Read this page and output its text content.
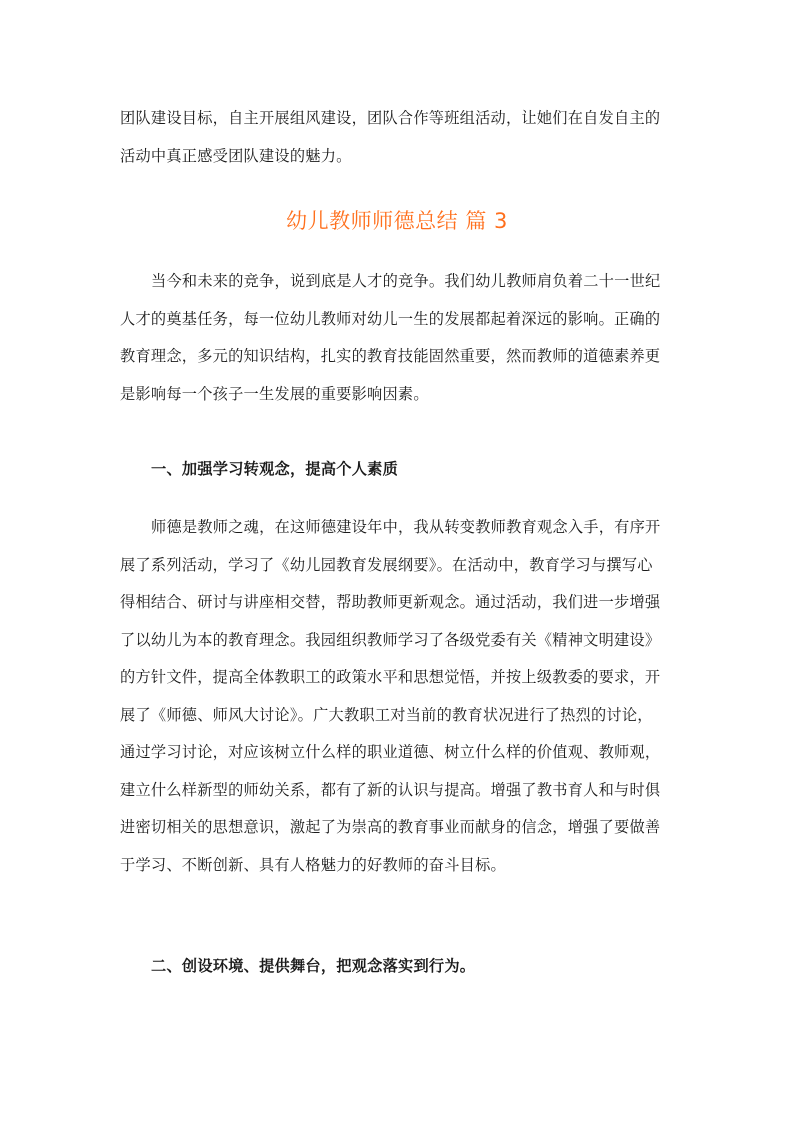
团队建设目标，自主开展组风建设，团队合作等班组活动，让她们在自发自主的
活动中真正感受团队建设的魅力。
幼儿教师师德总结 篇 3
当今和未来的竞争，说到底是人才的竞争。我们幼儿教师肩负着二十一世纪
人才的奠基任务，每一位幼儿教师对幼儿一生的发展都起着深远的影响。正确的
教育理念，多元的知识结构，扎实的教育技能固然重要，然而教师的道德素养更
是影响每一个孩子一生发展的重要影响因素。
一、加强学习转观念，提高个人素质
师德是教师之魂，在这师德建设年中，我从转变教师教育观念入手，有序开
展了系列活动，学习了《幼儿园教育发展纲要》。在活动中，教育学习与撰写心
得相结合、研讨与讲座相交替，帮助教师更新观念。通过活动，我们进一步增强
了以幼儿为本的教育理念。我园组织教师学习了各级党委有关《精神文明建设》
的方针文件，提高全体教职工的政策水平和思想觉悟，并按上级教委的要求，开
展了《师德、师风大讨论》。广大教职工对当前的教育状况进行了热烈的讨论，
通过学习讨论，对应该树立什么样的职业道德、树立什么样的价值观、教师观，
建立什么样新型的师幼关系，都有了新的认识与提高。增强了教书育人和与时俱
进密切相关的思想意识，激起了为崇高的教育事业而献身的信念，增强了要做善
于学习、不断创新、具有人格魅力的好教师的奋斗目标。
二、创设环境、提供舞台，把观念落实到行为。
